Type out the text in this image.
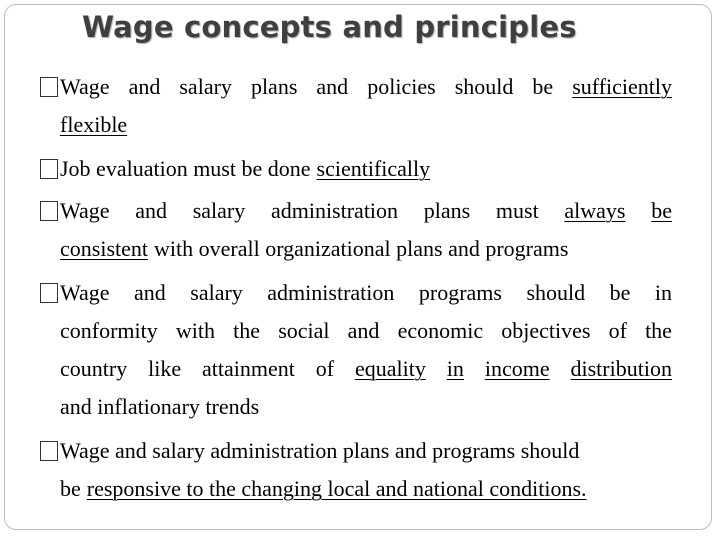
Wage concepts and principles
Wage and salary plans and policies should be sufficiently
flexible
Job evaluation must be done scientifically
Wage and salary administration plans must always be
consistent with overall organizational plans and programs
Wage and salary administration programs should be in
conformity with the social and economic objectives of the
country like attainment of equality in income distribution
and inflationary trends
Wage and salary administration plans and programs should
be responsive to the changing local and national conditions.
